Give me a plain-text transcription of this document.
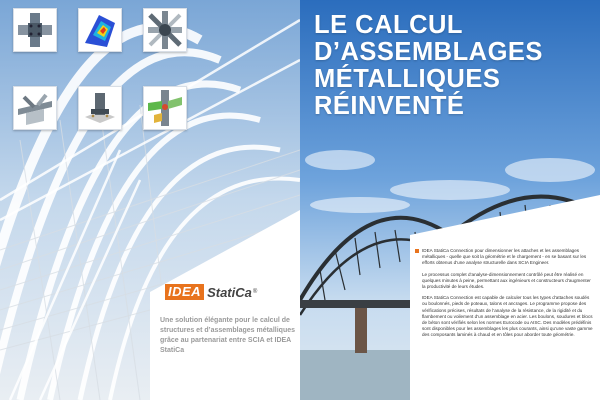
IDEA StatiCa ®
Une solution élégante pour le calcul de structures et d’assemblages métalliques grâce au partenariat entre SCIA et IDEA StatiCa
LE CALCUL
D’ASSEMBLAGES
MÉTALLIQUES
RÉINVENTÉ

IDEA StatiCa Connection pour dimensionner les attaches et les assemblages métalliques - quelle que soit la géométrie et le chargement - en se basant sur les efforts obtenus d’une analyse structurelle dans SCIA Engineer.

Le processus complet d’analyse-dimensionnement contrôlé peut être réalisé en quelques minutes à peine, permettant aux ingénieurs et constructeurs d’augmenter la productivité de leurs études.

IDEA StatiCa Connection est capable de calculer tous les types d’attaches soudés ou boulonnés, pieds de poteaux, talons et ancrages. Le programme propose des vérifications précises, résultats de l’analyse de la résistance, de la rigidité et du flambement ou voilement d’un assemblage en acier. Les boulons, soudures et blocs de béton sont vérifiés selon les normes Eurocode ou AISC. Des modèles prédéfinis sont disponibles pour les assemblages les plus courants, ainsi qu’une vaste gamme des composants laminés à chaud et en tôles pour aborder toute géométrie.
